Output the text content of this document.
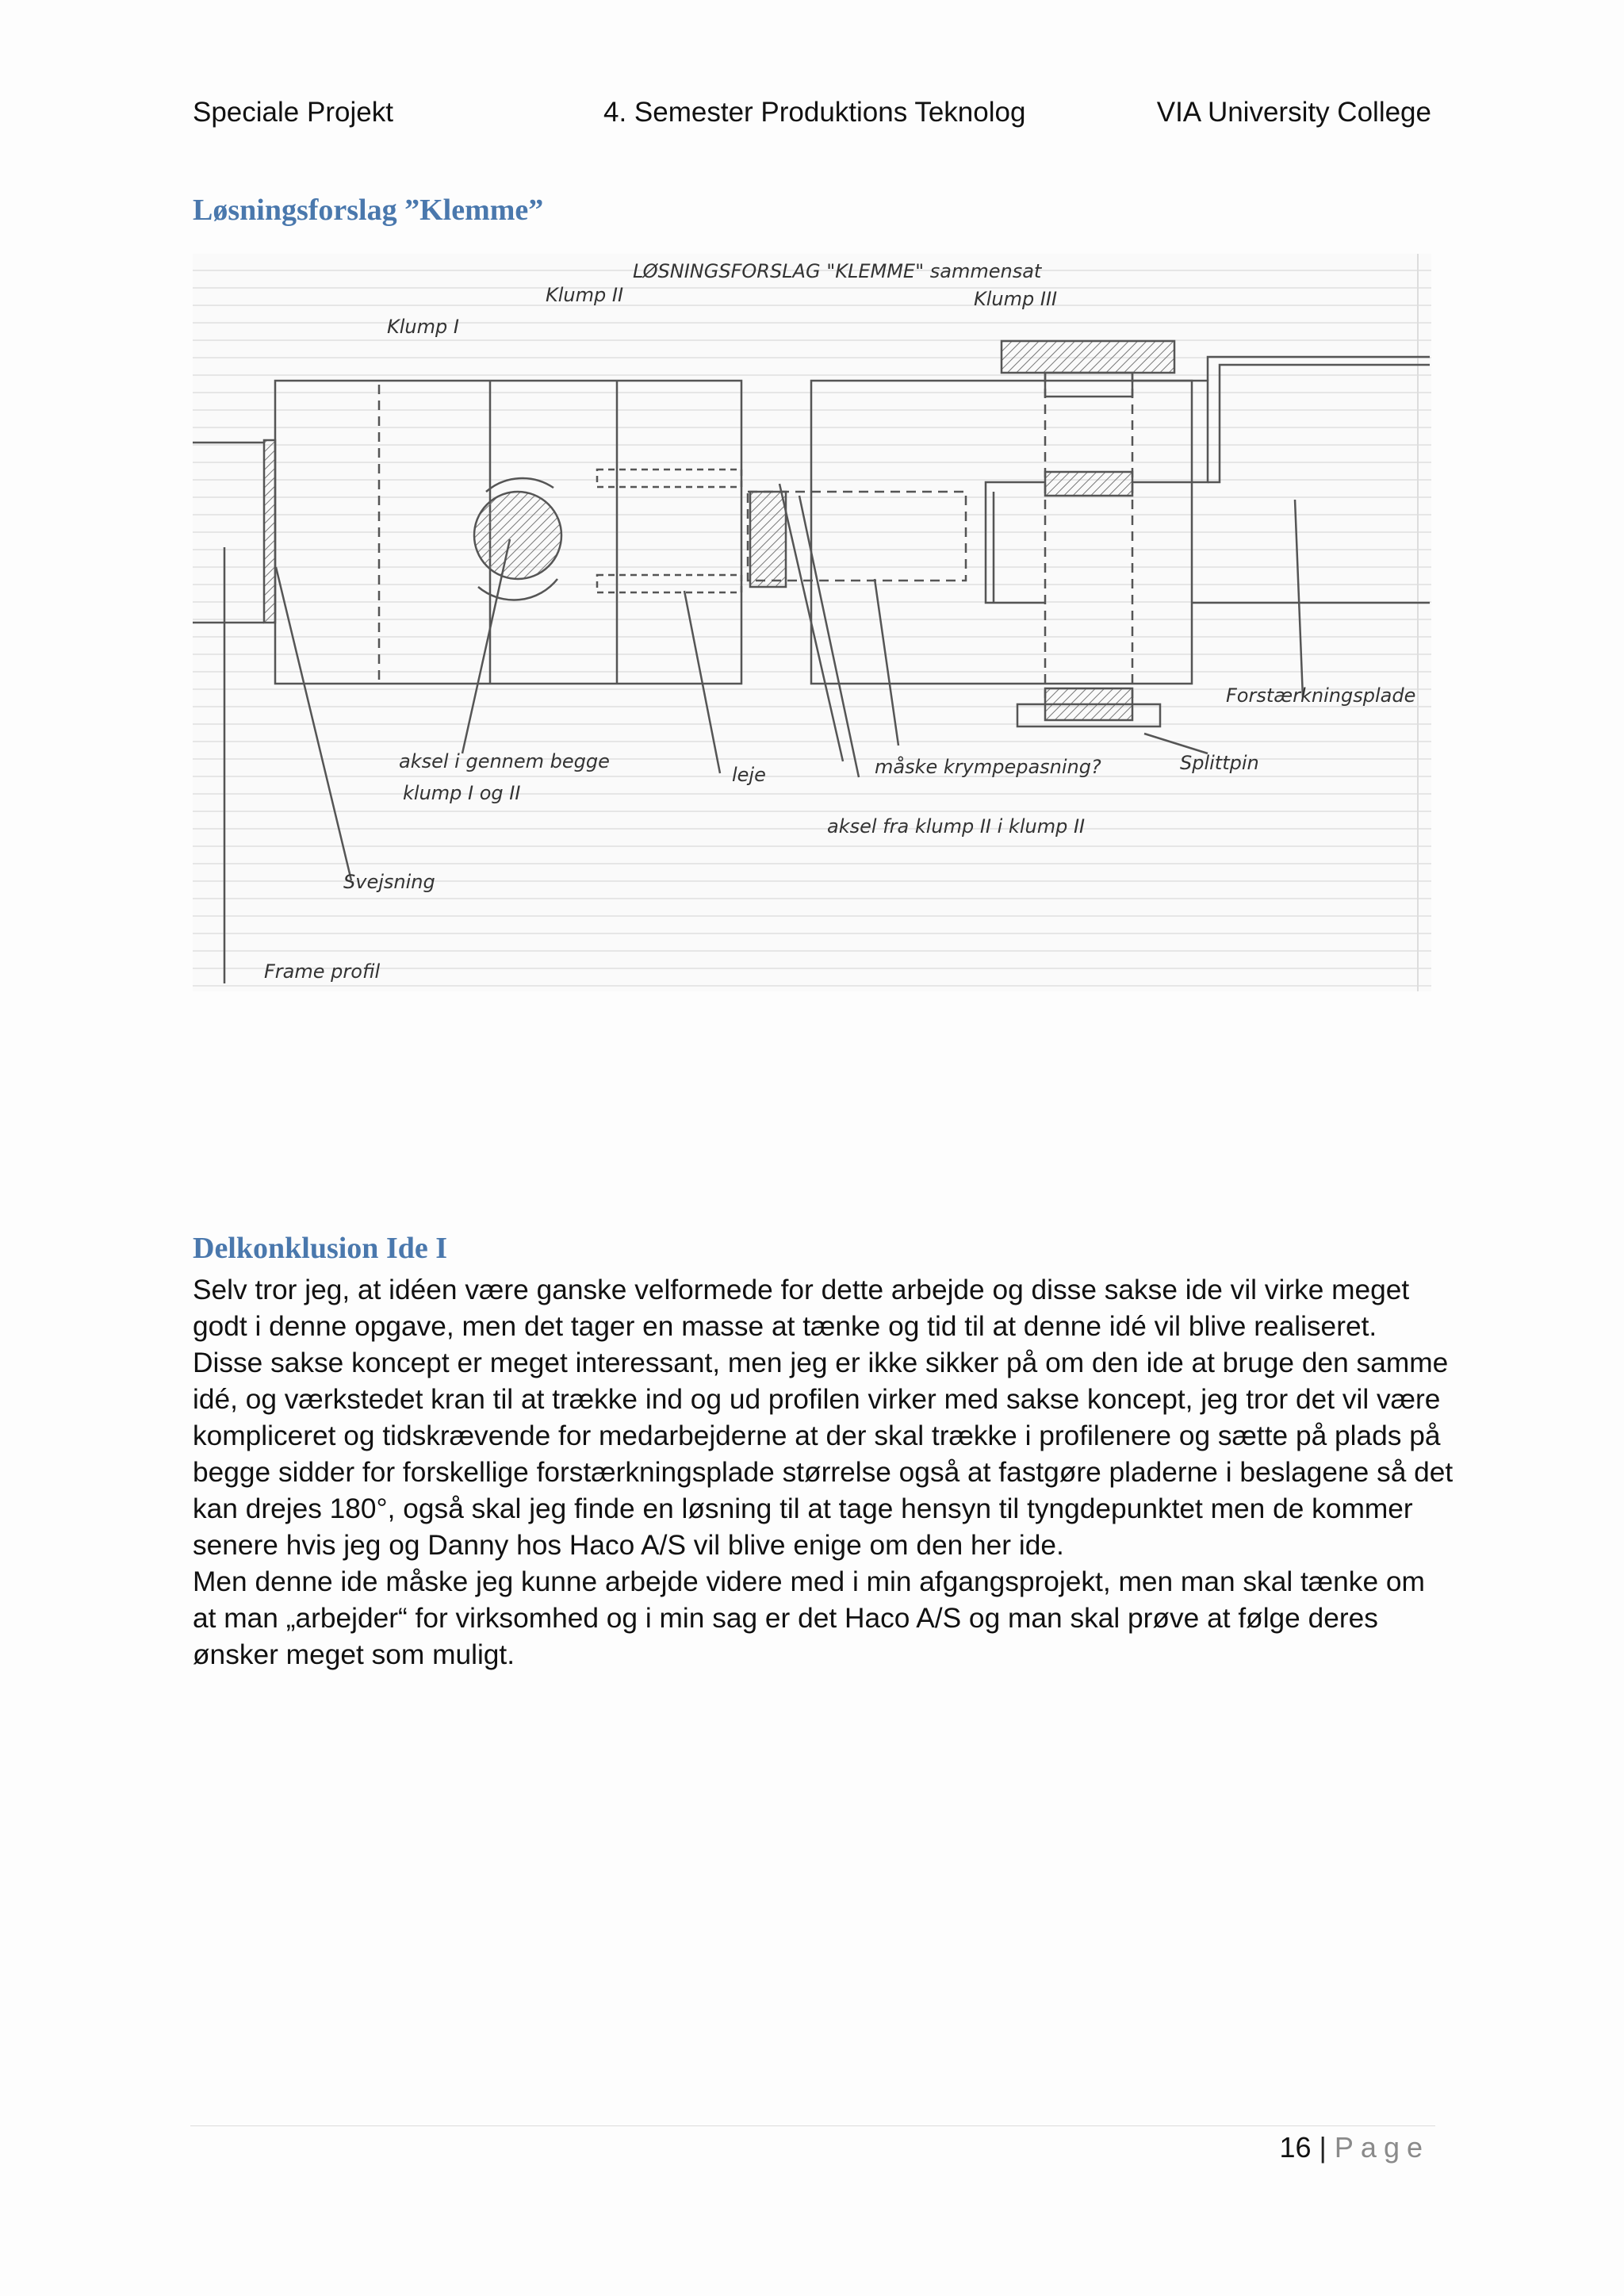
Speciale Projekt	4. Semester Produktions Teknolog	VIA University College
Løsningsforslag ”Klemme”
LØSNINGSFORSLAG "KLEMME" sammensat
Klump I
Klump II	Klump III
aksel i gennem begge
klump I og II
leje	måske krympepasning?	Splittpin
Forstærkningsplade
aksel fra klump II i klump II
Svejsning
Frame profil
Delkonklusion Ide I
Selv tror jeg, at idéen være ganske velformede for dette arbejde og disse sakse ide vil virke meget
godt i denne opgave, men det tager en masse at tænke og tid til at denne idé vil blive realiseret.
Disse sakse koncept er meget interessant, men jeg er ikke sikker på om den ide at bruge den samme
idé, og værkstedet kran til at trække ind og ud profilen virker med sakse koncept, jeg tror det vil være
kompliceret og tidskrævende for medarbejderne at der skal trække i profilenere og sætte på plads på
begge sidder for forskellige forstærkningsplade størrelse også at fastgøre pladerne i beslagene så det
kan drejes 180°, også skal jeg finde en løsning til at tage hensyn til tyngdepunktet men de kommer
senere hvis jeg og Danny hos Haco A/S vil blive enige om den her ide.
Men denne ide måske jeg kunne arbejde videre med i min afgangsprojekt, men man skal tænke om
at man „arbejder“ for virksomhed og i min sag er det Haco A/S og man skal prøve at følge deres
ønsker meget som muligt.
16 | Page
